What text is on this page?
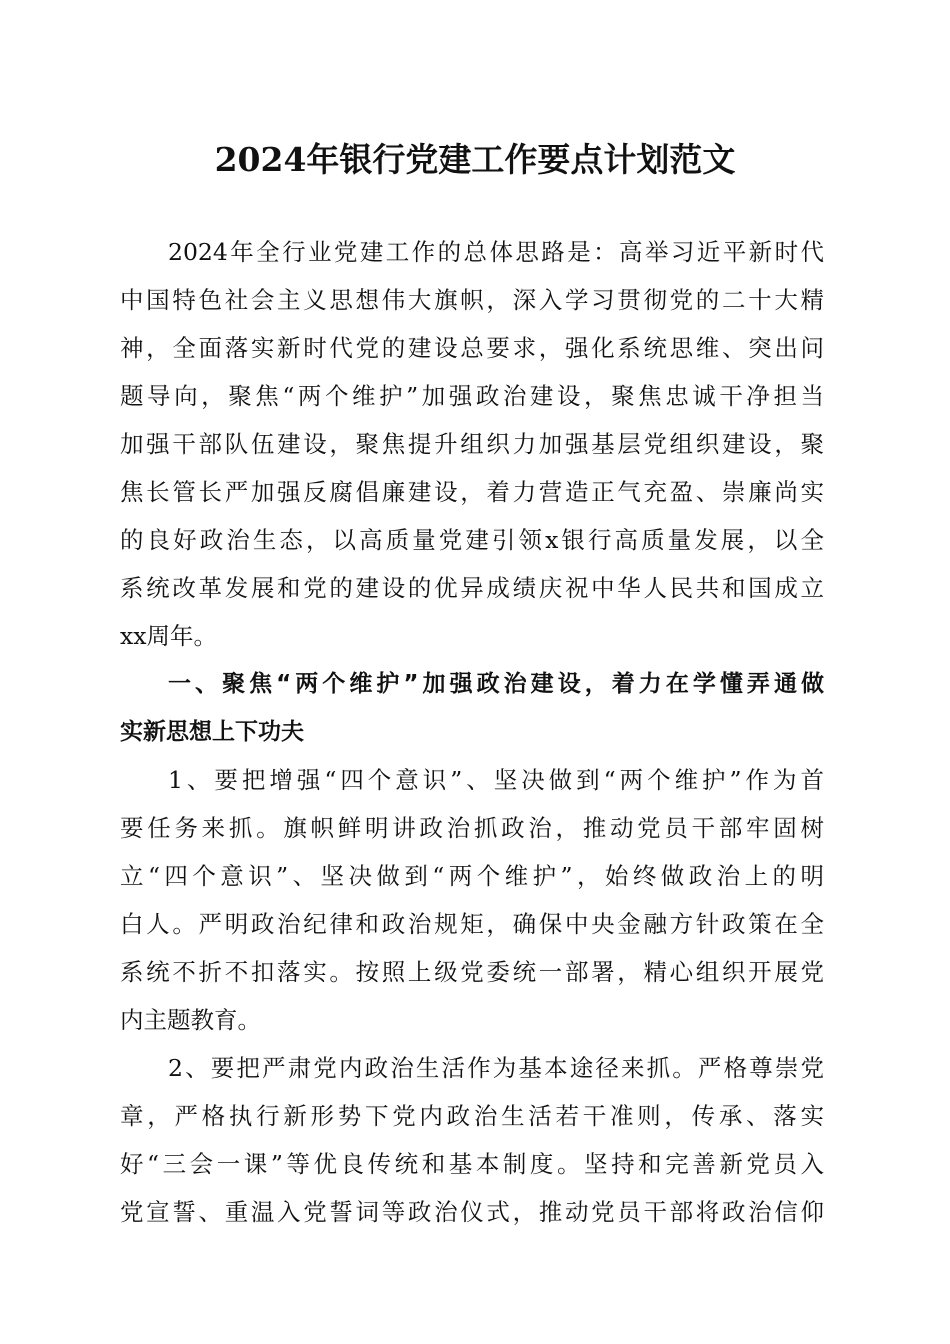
2024年银行党建工作要点计划范文
2024年全行业党建工作的总体思路是：高举习近平新时代
中国特色社会主义思想伟大旗帜，深入学习贯彻党的二十大精
神，全面落实新时代党的建设总要求，强化系统思维、突出问
题导向，聚焦“两个维护”加强政治建设，聚焦忠诚干净担当
加强干部队伍建设，聚焦提升组织力加强基层党组织建设，聚
焦长管长严加强反腐倡廉建设，着力营造正气充盈、崇廉尚实
的良好政治生态，以高质量党建引领x银行高质量发展，以全
系统改革发展和党的建设的优异成绩庆祝中华人民共和国成立
xx周年。
一、聚焦“两个维护”加强政治建设，着力在学懂弄通做
实新思想上下功夫
1、要把增强“四个意识”、坚决做到“两个维护”作为首
要任务来抓。旗帜鲜明讲政治抓政治，推动党员干部牢固树
立“四个意识”、坚决做到“两个维护”，始终做政治上的明
白人。严明政治纪律和政治规矩，确保中央金融方针政策在全
系统不折不扣落实。按照上级党委统一部署，精心组织开展党
内主题教育。
2、要把严肃党内政治生活作为基本途径来抓。严格尊崇党
章，严格执行新形势下党内政治生活若干准则，传承、落实
好“三会一课”等优良传统和基本制度。坚持和完善新党员入
党宣誓、重温入党誓词等政治仪式，推动党员干部将政治信仰
